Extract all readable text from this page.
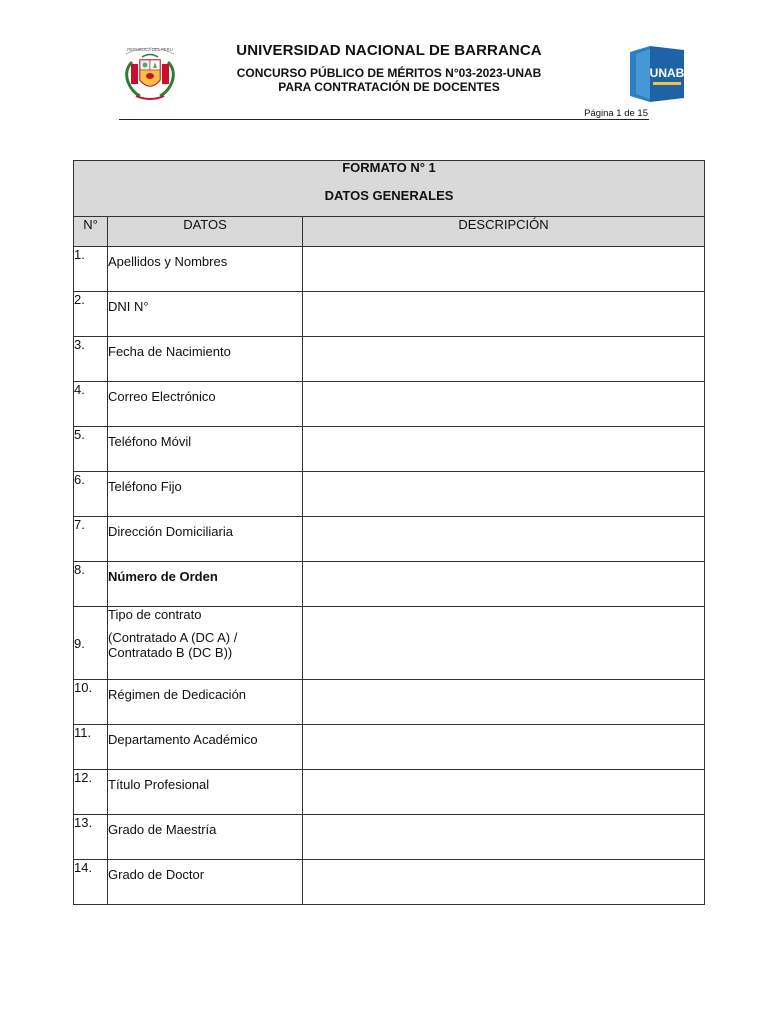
REPUBLICA DEL PERU	UNIVERSIDAD NACIONAL DE BARRANCA
CONCURSO PÚBLICO DE MÉRITOS N°03-2023-UNAB
PARA CONTRATACIÓN DE DOCENTES
UNAB
Página 1 de 15
FORMATO N° 1
DATOS GENERALES		

N°	DATOS	DESCRIPCIÓN
1.	Apellidos y Nombres	

2.	DNI N°	

3.	Fecha de Nacimiento	

4.	Correo Electrónico	

5.	Teléfono Móvil	

6.	Teléfono Fijo	

7.	Dirección Domiciliaria	

8.	Número de Orden	

9.	Tipo de contrato
(Contratado A (DC A) /
Contratado B (DC B))	

10.	Régimen de Dedicación	

11.	Departamento Académico	

12.	Título Profesional	

13.	Grado de Maestría	

14.	Grado de Doctor	
